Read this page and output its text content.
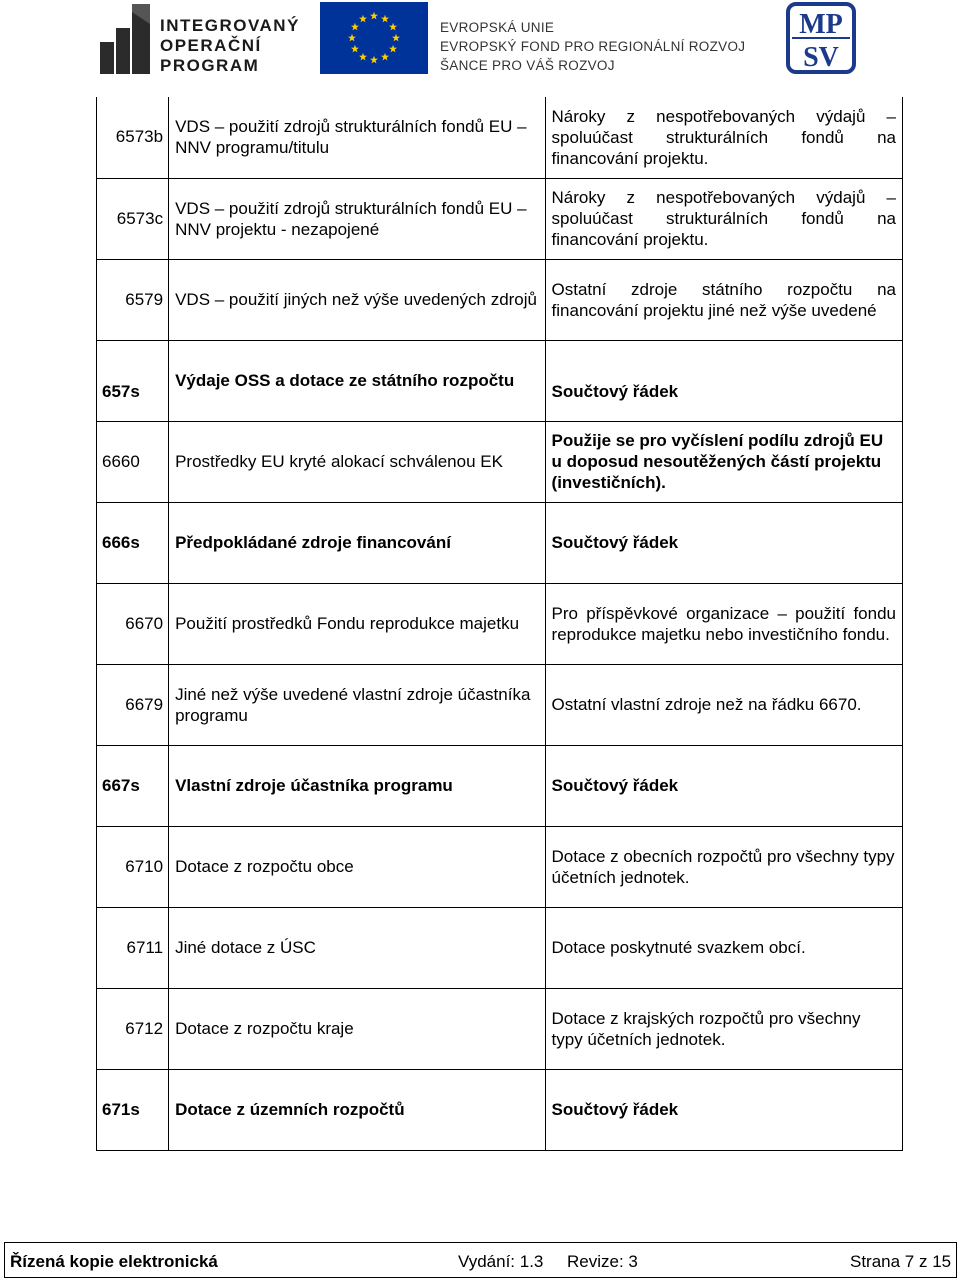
INTEGROVANÝ
OPERAČNÍ
PROGRAM
EVROPSKÁ UNIE
EVROPSKÝ FOND PRO REGIONÁLNÍ ROZVOJ
ŠANCE PRO VÁŠ ROZVOJ
MP
SV
6573b	VDS – použití zdrojů strukturálních fondů EU – NNV programu/titulu	Nároky z nespotřebovaných výdajů – spoluúčast strukturálních fondů na financování projektu.
6573c	VDS – použití zdrojů strukturálních fondů EU – NNV projektu - nezapojené	Nároky z nespotřebovaných výdajů – spoluúčast strukturálních fondů na financování projektu.
6579	VDS – použití jiných než výše uvedených zdrojů	Ostatní zdroje státního rozpočtu na financování projektu jiné než výše uvedené
657s	Výdaje OSS a dotace ze státního rozpočtu	Součtový řádek
6660	Prostředky EU kryté alokací schválenou EK	Použije se pro vyčíslení podílu zdrojů EU u doposud nesoutěžených částí projektu (investičních).
666s	Předpokládané zdroje financování	Součtový řádek
6670	Použití prostředků Fondu reprodukce majetku	Pro příspěvkové organizace – použití fondu reprodukce majetku nebo investičního fondu.
6679	Jiné než výše uvedené vlastní zdroje účastníka programu	Ostatní vlastní zdroje než na řádku 6670.
667s	Vlastní zdroje účastníka programu	Součtový řádek
6710	Dotace z rozpočtu obce	Dotace z obecních rozpočtů pro všechny typy účetních jednotek.
6711	Jiné dotace z ÚSC	Dotace poskytnuté svazkem obcí.
6712	Dotace z rozpočtu kraje	Dotace z krajských rozpočtů pro všechny typy účetních jednotek.
671s	Dotace z územních rozpočtů	Součtový řádek
Řízená kopie elektronická	Vydání: 1.3 Revize: 3	Strana 7 z 15
